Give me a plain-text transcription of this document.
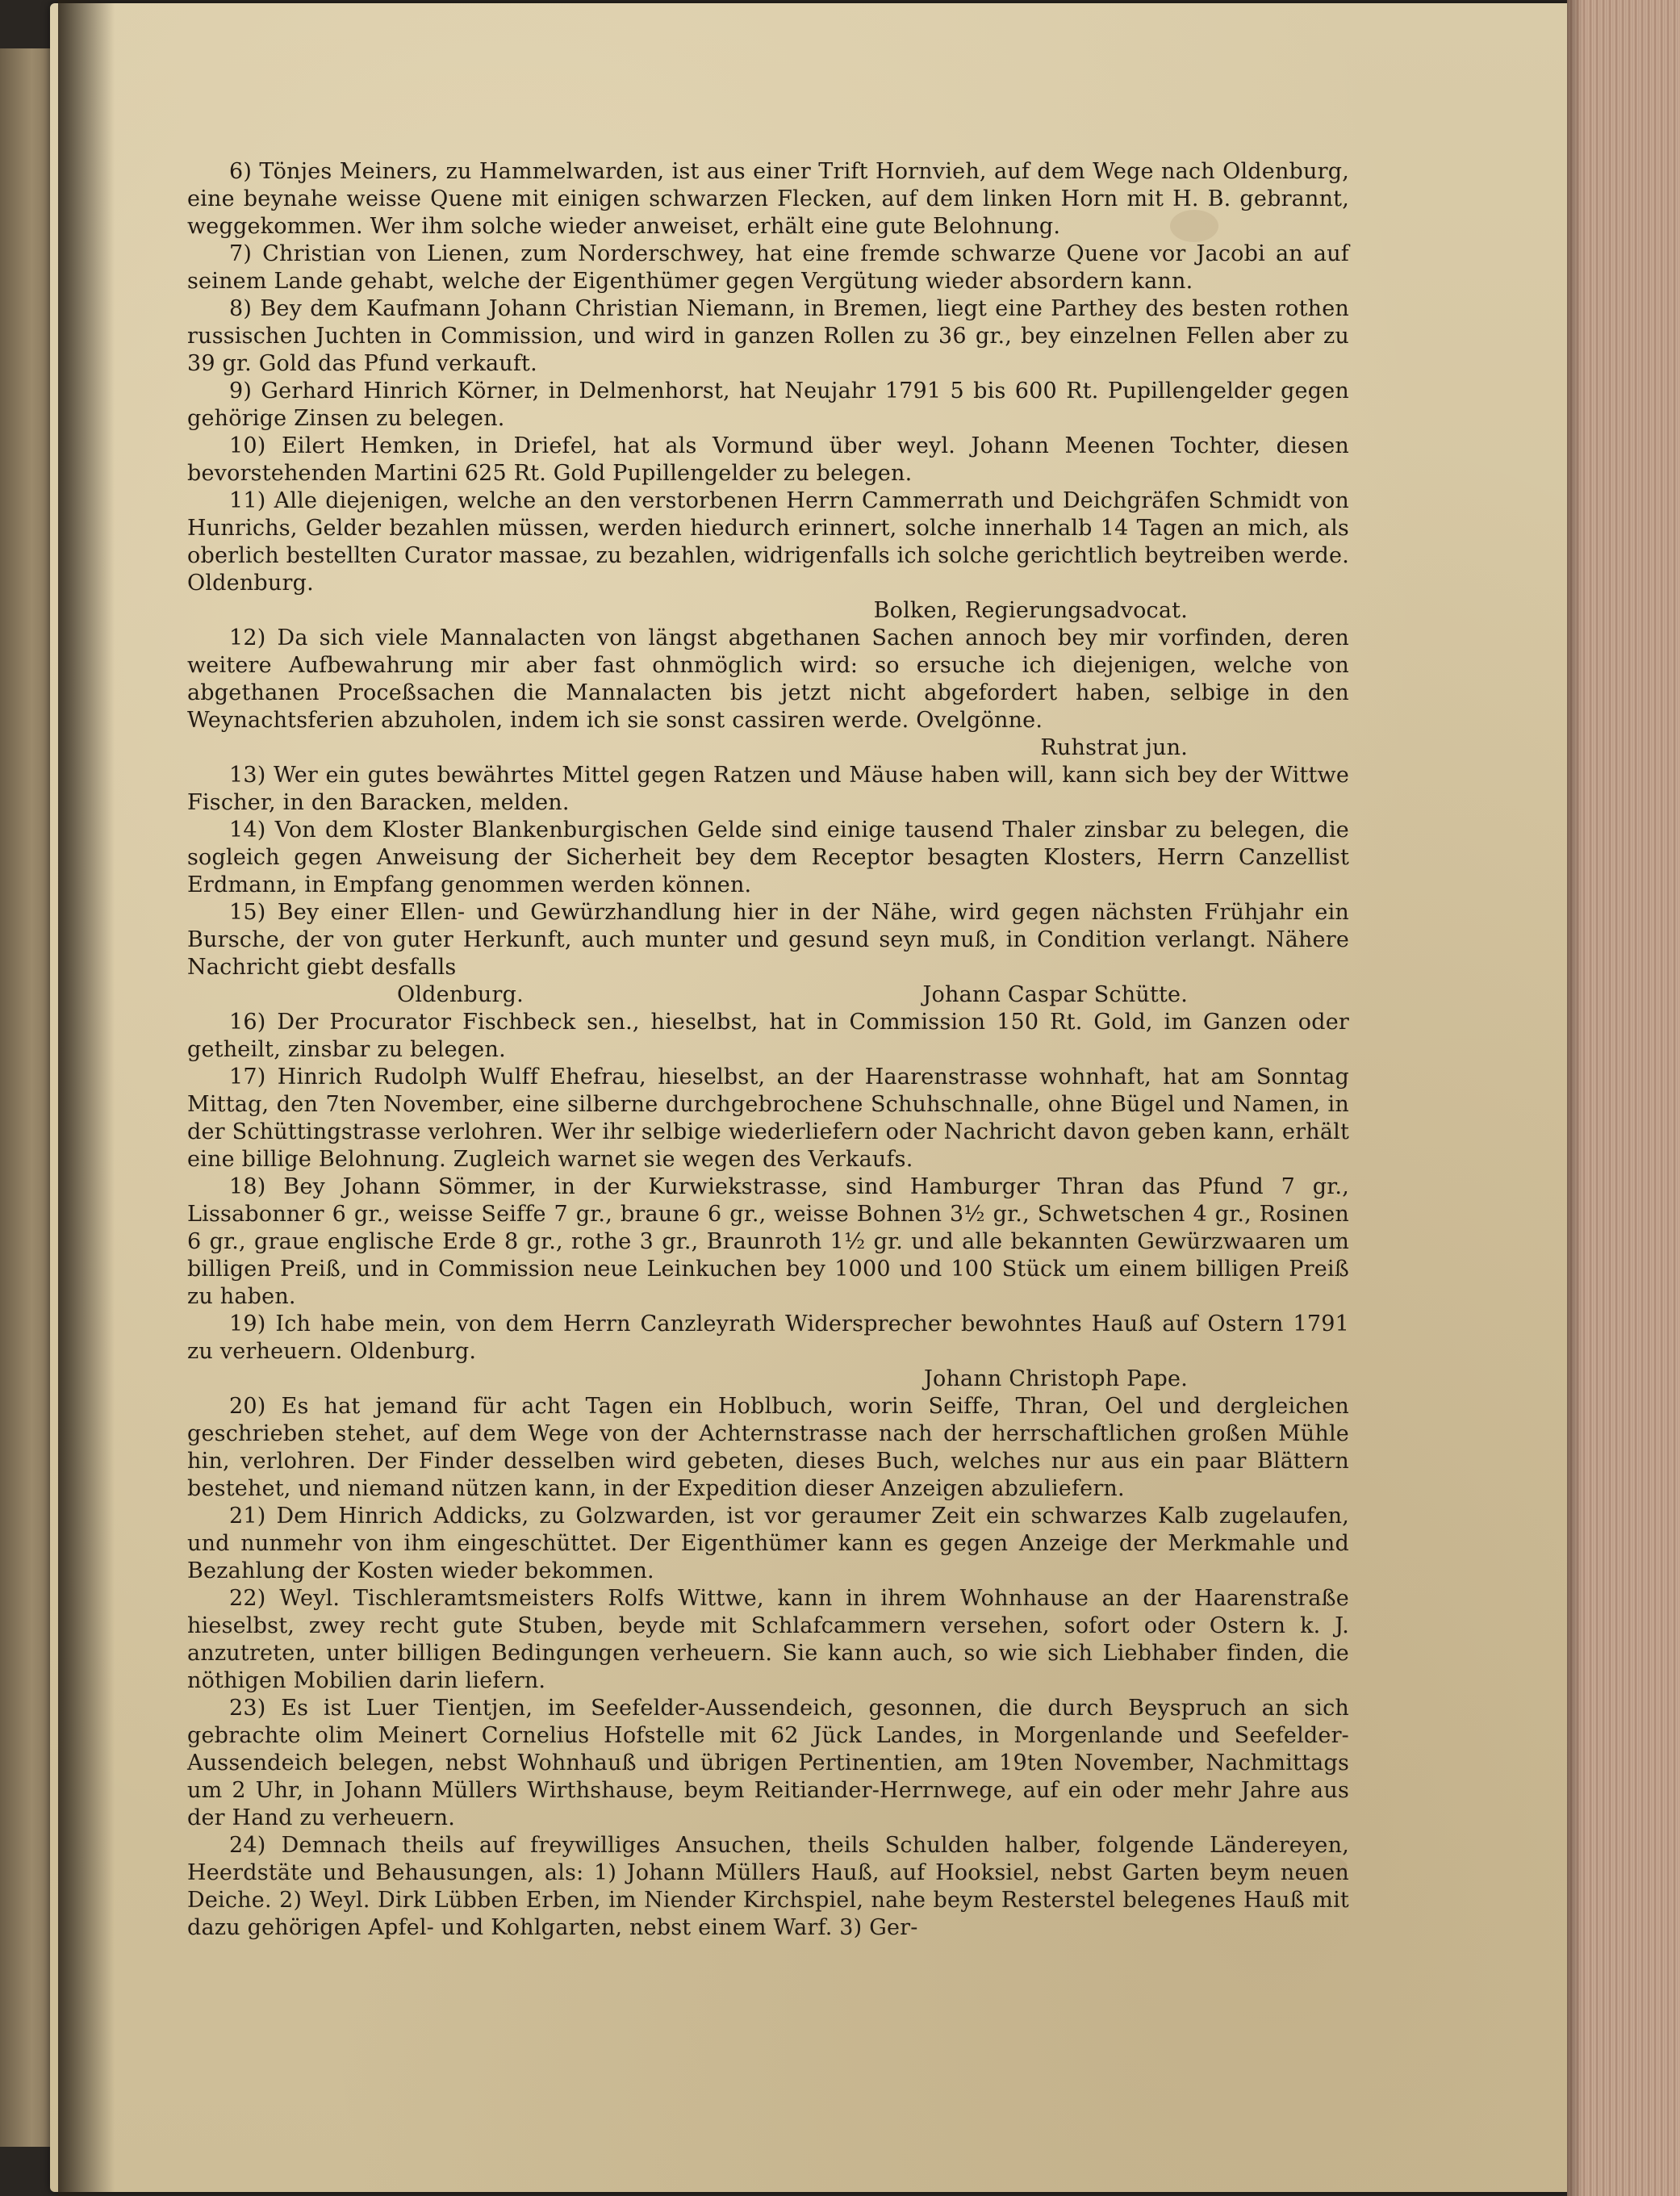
6) Tönjes Meiners, zu Hammelwarden, ist aus einer Trift Hornvieh, auf dem Wege nach Oldenburg, eine beynahe weisse Quene mit einigen schwarzen Flecken, auf dem linken Horn mit H. B. gebrannt, weggekommen. Wer ihm solche wieder anweiset, erhält eine gute Belohnung.

7) Christian von Lienen, zum Norderschwey, hat eine fremde schwarze Quene vor Jacobi an auf seinem Lande gehabt, welche der Eigenthümer gegen Vergütung wieder absordern kann.

8) Bey dem Kaufmann Johann Christian Niemann, in Bremen, liegt eine Parthey des besten rothen russischen Juchten in Commission, und wird in ganzen Rollen zu 36 gr., bey einzelnen Fellen aber zu 39 gr. Gold das Pfund verkauft.

9) Gerhard Hinrich Körner, in Delmenhorst, hat Neujahr 1791 5 bis 600 Rt. Pupillengelder gegen gehörige Zinsen zu belegen.

10) Eilert Hemken, in Driefel, hat als Vormund über weyl. Johann Meenen Tochter, diesen bevorstehenden Martini 625 Rt. Gold Pupillengelder zu belegen.

11) Alle diejenigen, welche an den verstorbenen Herrn Cammerrath und Deichgräfen Schmidt von Hunrichs, Gelder bezahlen müssen, werden hiedurch erinnert, solche innerhalb 14 Tagen an mich, als oberlich bestellten Curator massae, zu bezahlen, widrigenfalls ich solche gerichtlich beytreiben werde. Oldenburg.

Bolken, Regierungsadvocat.

12) Da sich viele Mannalacten von längst abgethanen Sachen annoch bey mir vorfinden, deren weitere Aufbewahrung mir aber fast ohnmöglich wird: so ersuche ich diejenigen, welche von abgethanen Proceßsachen die Mannalacten bis jetzt nicht abgefordert haben, selbige in den Weynachtsferien abzuholen, indem ich sie sonst cassiren werde. Ovelgönne.

Ruhstrat jun.

13) Wer ein gutes bewährtes Mittel gegen Ratzen und Mäuse haben will, kann sich bey der Wittwe Fischer, in den Baracken, melden.

14) Von dem Kloster Blankenburgischen Gelde sind einige tausend Thaler zinsbar zu belegen, die sogleich gegen Anweisung der Sicherheit bey dem Receptor besagten Klosters, Herrn Canzellist Erdmann, in Empfang genommen werden können.

15) Bey einer Ellen- und Gewürzhandlung hier in der Nähe, wird gegen nächsten Frühjahr ein Bursche, der von guter Herkunft, auch munter und gesund seyn muß, in Condition verlangt. Nähere Nachricht giebt desfalls

Oldenburg.	Johann Caspar Schütte.

16) Der Procurator Fischbeck sen., hieselbst, hat in Commission 150 Rt. Gold, im Ganzen oder getheilt, zinsbar zu belegen.

17) Hinrich Rudolph Wulff Ehefrau, hieselbst, an der Haarenstrasse wohnhaft, hat am Sonntag Mittag, den 7ten November, eine silberne durchgebrochene Schuhschnalle, ohne Bügel und Namen, in der Schüttingstrasse verlohren. Wer ihr selbige wiederliefern oder Nachricht davon geben kann, erhält eine billige Belohnung. Zugleich warnet sie wegen des Verkaufs.

18) Bey Johann Sömmer, in der Kurwiekstrasse, sind Hamburger Thran das Pfund 7 gr., Lissabonner 6 gr., weisse Seiffe 7 gr., braune 6 gr., weisse Bohnen 3½ gr., Schwetschen 4 gr., Rosinen 6 gr., graue englische Erde 8 gr., rothe 3 gr., Braunroth 1½ gr. und alle bekannten Gewürzwaaren um billigen Preiß, und in Commission neue Leinkuchen bey 1000 und 100 Stück um einem billigen Preiß zu haben.

19) Ich habe mein, von dem Herrn Canzleyrath Widersprecher bewohntes Hauß auf Ostern 1791 zu verheuern. Oldenburg.

Johann Christoph Pape.

20) Es hat jemand für acht Tagen ein Hoblbuch, worin Seiffe, Thran, Oel und dergleichen geschrieben stehet, auf dem Wege von der Achternstrasse nach der herrschaftlichen großen Mühle hin, verlohren. Der Finder desselben wird gebeten, dieses Buch, welches nur aus ein paar Blättern bestehet, und niemand nützen kann, in der Expedition dieser Anzeigen abzuliefern.

21) Dem Hinrich Addicks, zu Golzwarden, ist vor geraumer Zeit ein schwarzes Kalb zugelaufen, und nunmehr von ihm eingeschüttet. Der Eigenthümer kann es gegen Anzeige der Merkmahle und Bezahlung der Kosten wieder bekommen.

22) Weyl. Tischleramtsmeisters Rolfs Wittwe, kann in ihrem Wohnhause an der Haarenstraße hieselbst, zwey recht gute Stuben, beyde mit Schlafcammern versehen, sofort oder Ostern k. J. anzutreten, unter billigen Bedingungen verheuern. Sie kann auch, so wie sich Liebhaber finden, die nöthigen Mobilien darin liefern.

23) Es ist Luer Tientjen, im Seefelder-Aussendeich, gesonnen, die durch Beyspruch an sich gebrachte olim Meinert Cornelius Hofstelle mit 62 Jück Landes, in Morgenlande und Seefelder-Aussendeich belegen, nebst Wohnhauß und übrigen Pertinentien, am 19ten November, Nachmittags um 2 Uhr, in Johann Müllers Wirthshause, beym Reitiander-Herrnwege, auf ein oder mehr Jahre aus der Hand zu verheuern.

24) Demnach theils auf freywilliges Ansuchen, theils Schulden halber, folgende Ländereyen, Heerdstäte und Behausungen, als: 1) Johann Müllers Hauß, auf Hooksiel, nebst Garten beym neuen Deiche. 2) Weyl. Dirk Lübben Erben, im Niender Kirchspiel, nahe beym Resterstel belegenes Hauß mit dazu gehörigen Apfel- und Kohlgarten, nebst einem Warf. 3) Ger-
